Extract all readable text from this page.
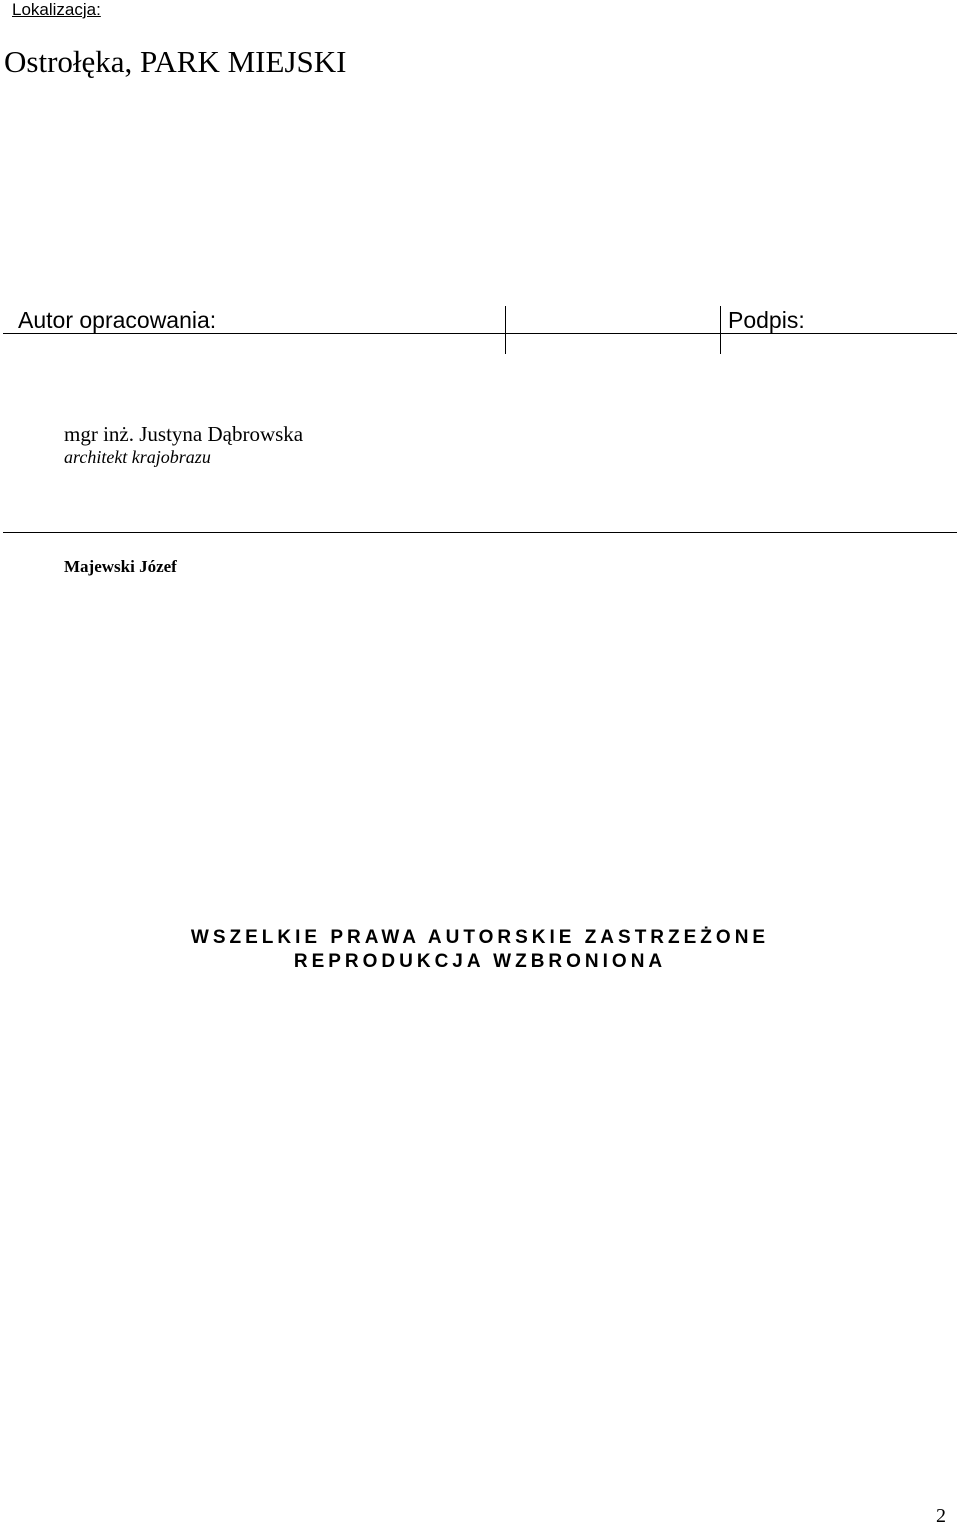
Lokalizacja:
Ostrołęka, PARK MIEJSKI
Autor opracowania:	Podpis:
mgr inż. Justyna Dąbrowska
architekt krajobrazu
Majewski Józef
WSZELKIE PRAWA AUTORSKIE ZASTRZEŻONE
REPRODUKCJA WZBRONIONA
2
